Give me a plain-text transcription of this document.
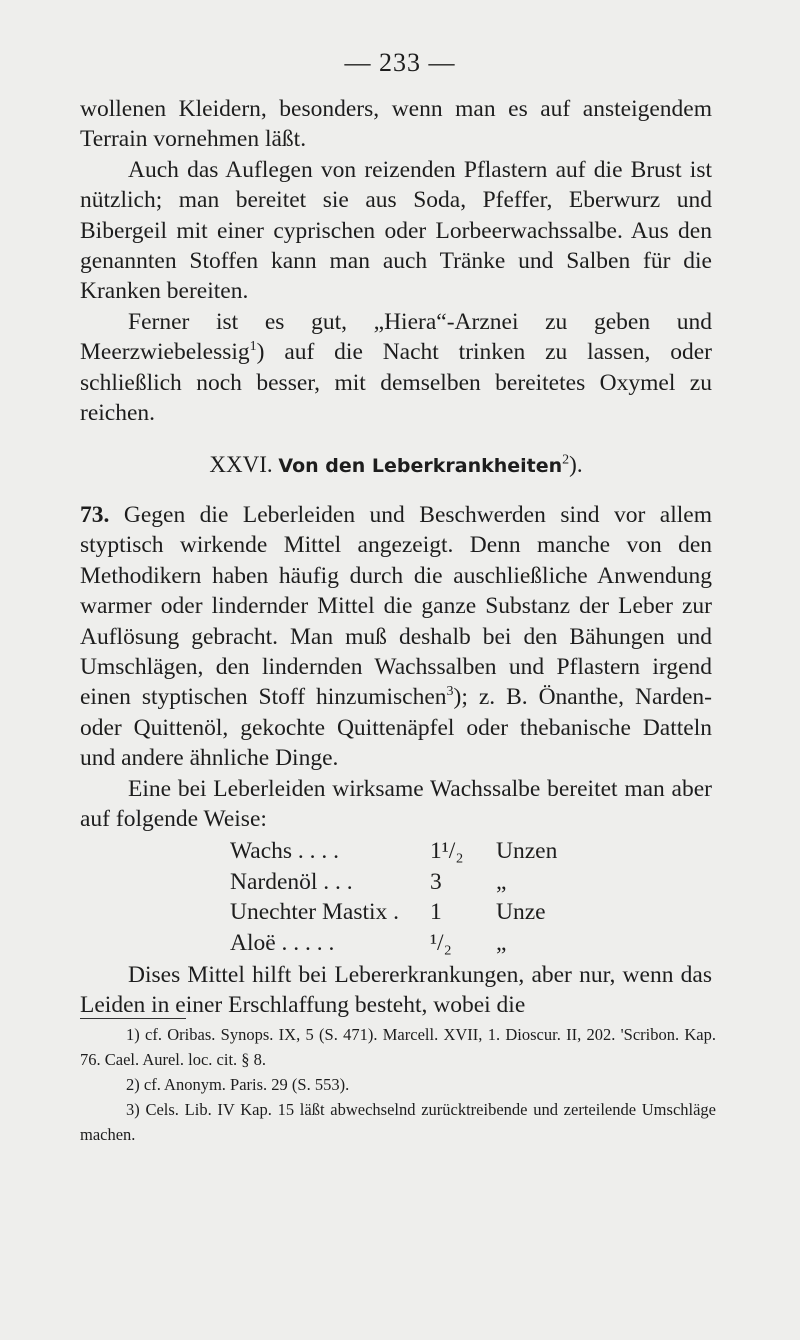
— 233 —

wollenen Kleidern, besonders, wenn man es auf ansteigendem Terrain vornehmen läßt.

Auch das Auflegen von reizenden Pflastern auf die Brust ist nützlich; man bereitet sie aus Soda, Pfeffer, Eberwurz und Bibergeil mit einer cyprischen oder Lorbeerwachssalbe. Aus den genannten Stoffen kann man auch Tränke und Salben für die Kranken bereiten.

Ferner ist es gut, „Hiera“-Arznei zu geben und Meerzwiebelessig$^1$) auf die Nacht trinken zu lassen, oder schließlich noch besser, mit demselben bereitetes Oxymel zu reichen.

XXVI. Von den Leberkrankheiten$^2$).

73. Gegen die Leberleiden und Beschwerden sind vor allem styptisch wirkende Mittel angezeigt. Denn manche von den Methodikern haben häufig durch die auschließliche Anwendung warmer oder lindernder Mittel die ganze Substanz der Leber zur Auflösung gebracht. Man muß deshalb bei den Bähungen und Umschlägen, den lindernden Wachssalben und Pflastern irgend einen styptischen Stoff hinzumischen$^3$); z. B. Önanthe, Narden- oder Quittenöl, gekochte Quittenäpfel oder thebanische Datteln und andere ähnliche Dinge.

Eine bei Leberleiden wirksame Wachssalbe bereitet man aber auf folgende Weise:

Wachs . . . .	1¹/₂	Unzen
Nardenöl . . .	3	„
Unechter Mastix .	1	Unze
Aloë . . . . .	¹/₂	„

Dises Mittel hilft bei Lebererkrankungen, aber nur, wenn das Leiden in einer Erschlaffung besteht, wobei die

1) cf. Oribas. Synops. IX, 5 (S. 471). Marcell. XVII, 1. Dioscur. II, 202. 'Scribon. Kap. 76. Cael. Aurel. loc. cit. § 8.

2) cf. Anonym. Paris. 29 (S. 553).

3) Cels. Lib. IV Kap. 15 läßt abwechselnd zurücktreibende und zerteilende Umschläge machen.
